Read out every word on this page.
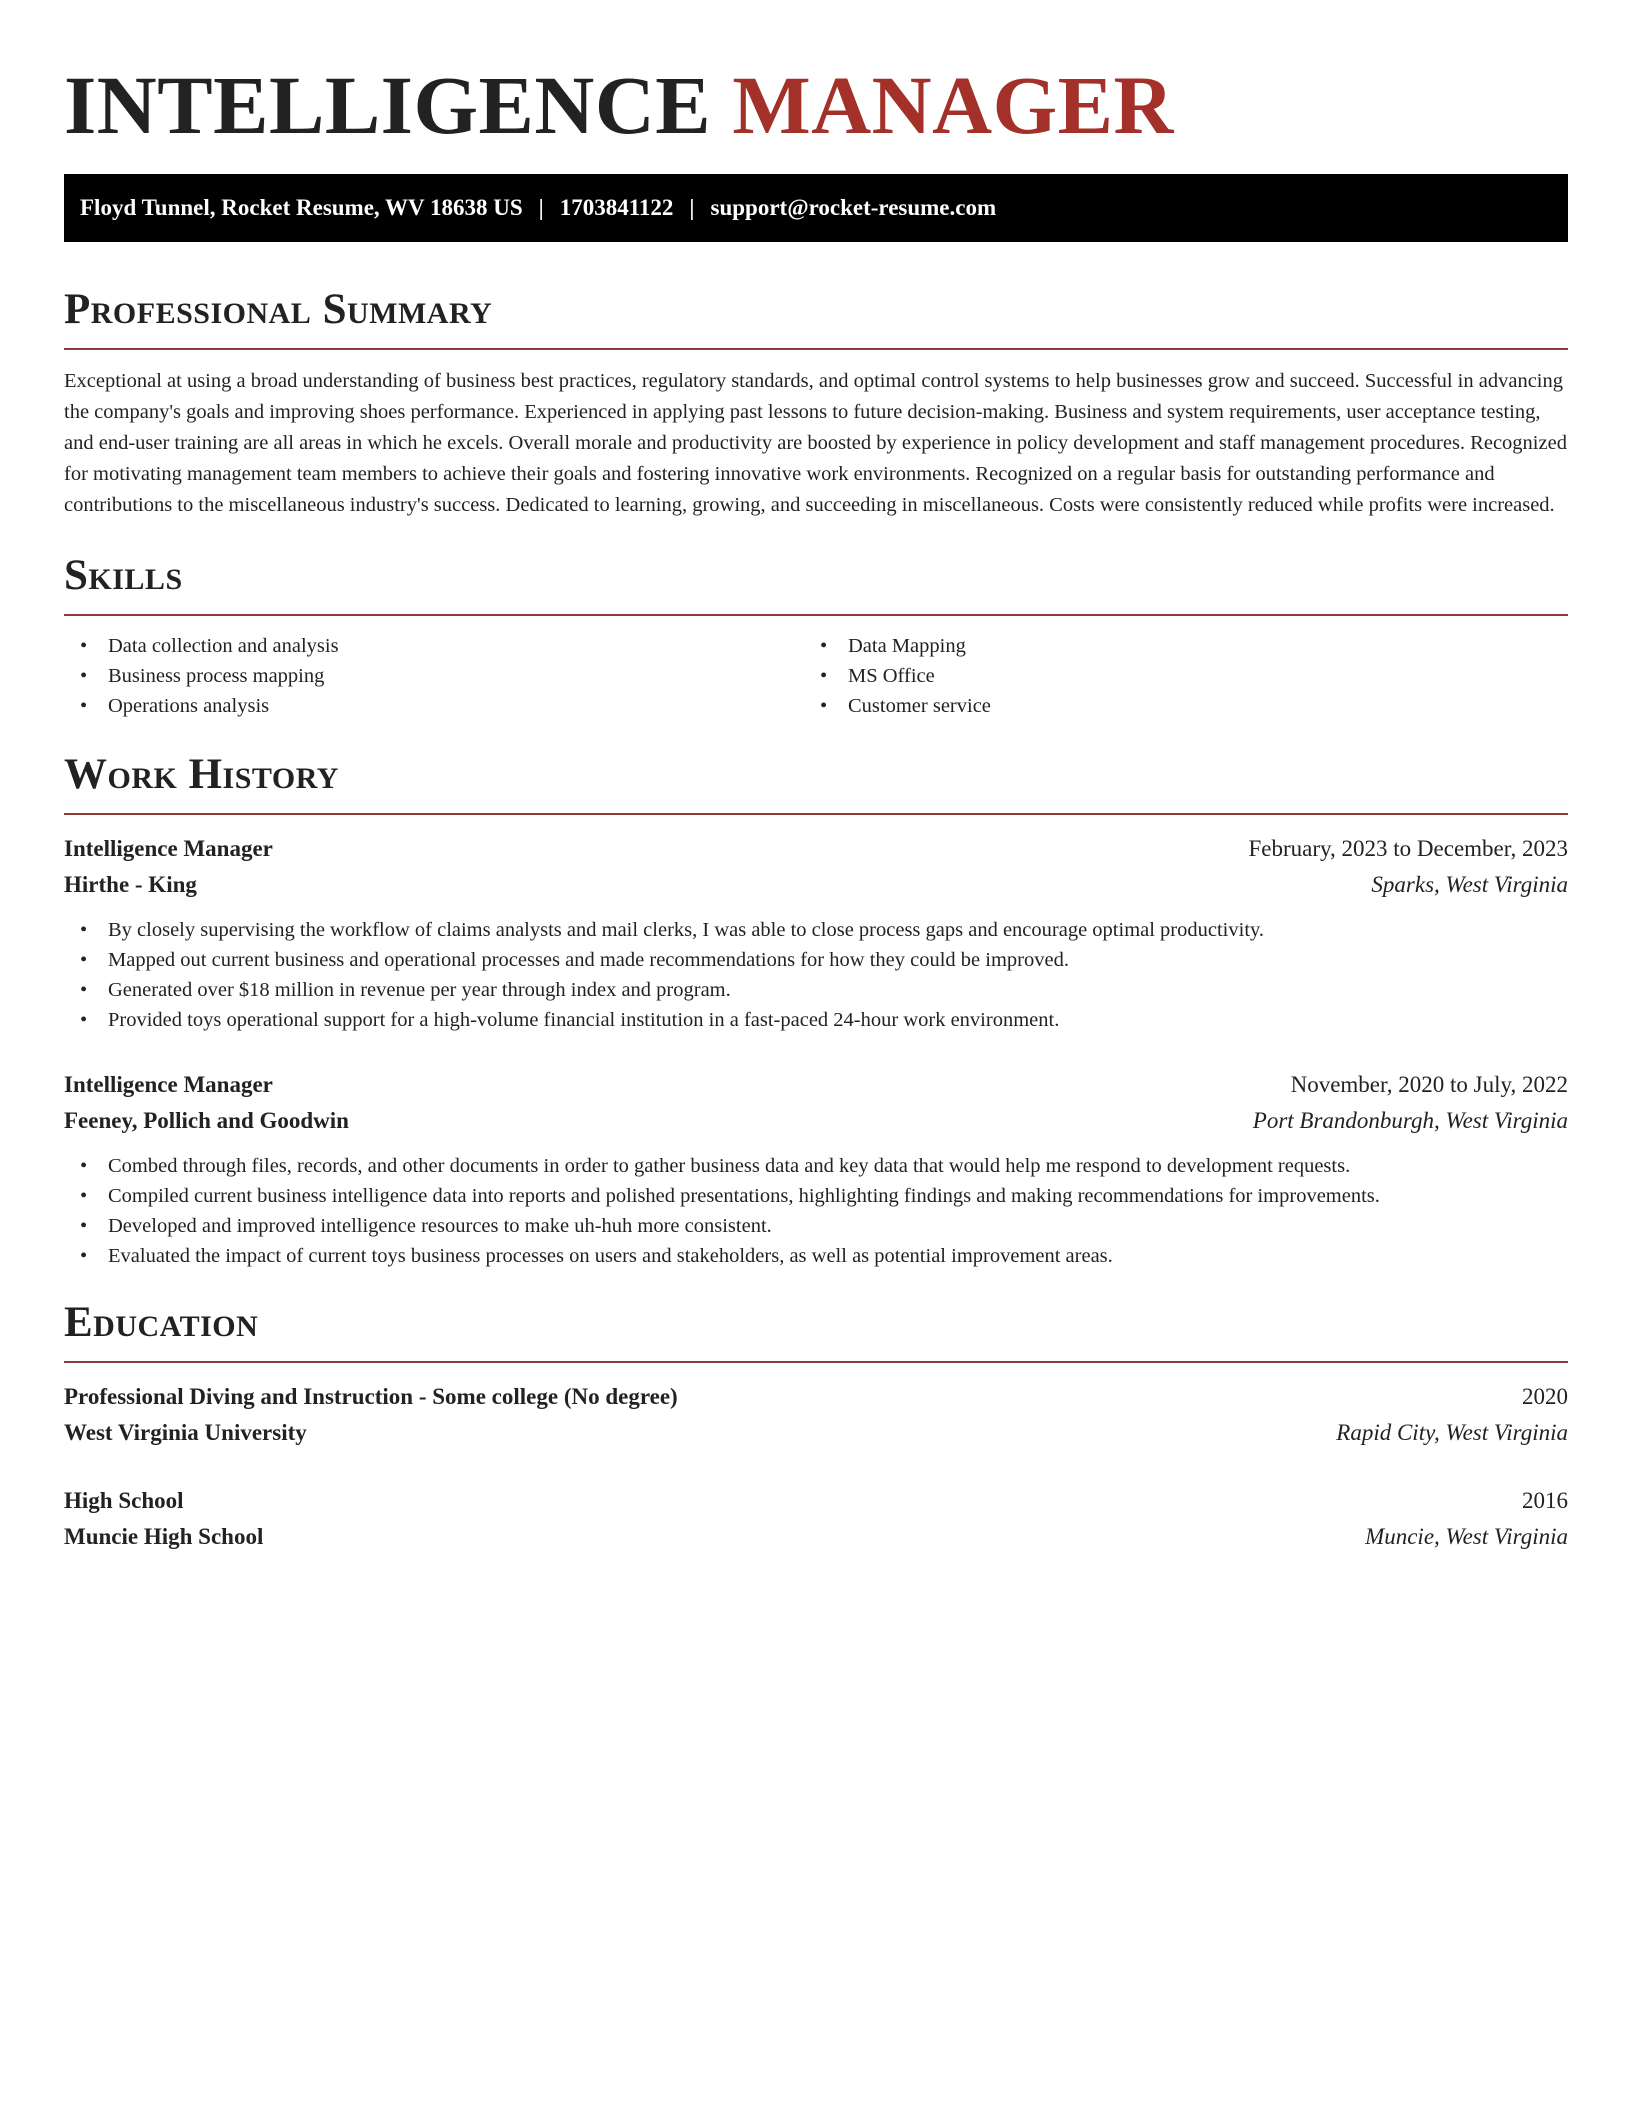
INTELLIGENCE MANAGER
Floyd Tunnel, Rocket Resume, WV 18638 US | 1703841122 | support@rocket-resume.com
Professional Summary

Exceptional at using a broad understanding of business best practices, regulatory standards, and optimal control systems to help businesses grow and succeed. Successful in advancing the company's goals and improving shoes performance. Experienced in applying past lessons to future decision-making. Business and system requirements, user acceptance testing, and end-user training are all areas in which he excels. Overall morale and productivity are boosted by experience in policy development and staff management procedures. Recognized for motivating management team members to achieve their goals and fostering innovative work environments. Recognized on a regular basis for outstanding performance and contributions to the miscellaneous industry's success. Dedicated to learning, growing, and succeeding in miscellaneous. Costs were consistently reduced while profits were increased.

Skills
• Data collection and analysis
• Business process mapping
• Operations analysis
• Data Mapping
• MS Office
• Customer service
Work History
Intelligence Manager	February, 2023 to December, 2023
Hirthe - King	Sparks, West Virginia
• By closely supervising the workflow of claims analysts and mail clerks, I was able to close process gaps and encourage optimal productivity.
• Mapped out current business and operational processes and made recommendations for how they could be improved.
• Generated over $18 million in revenue per year through index and program.
• Provided toys operational support for a high-volume financial institution in a fast-paced 24-hour work environment.
Intelligence Manager	November, 2020 to July, 2022
Feeney, Pollich and Goodwin	Port Brandonburgh, West Virginia
• Combed through files, records, and other documents in order to gather business data and key data that would help me respond to development requests.
• Compiled current business intelligence data into reports and polished presentations, highlighting findings and making recommendations for improvements.
• Developed and improved intelligence resources to make uh-huh more consistent.
• Evaluated the impact of current toys business processes on users and stakeholders, as well as potential improvement areas.
Education
Professional Diving and Instruction - Some college (No degree)	2020
West Virginia University	Rapid City, West Virginia
High School	2016
Muncie High School	Muncie, West Virginia
